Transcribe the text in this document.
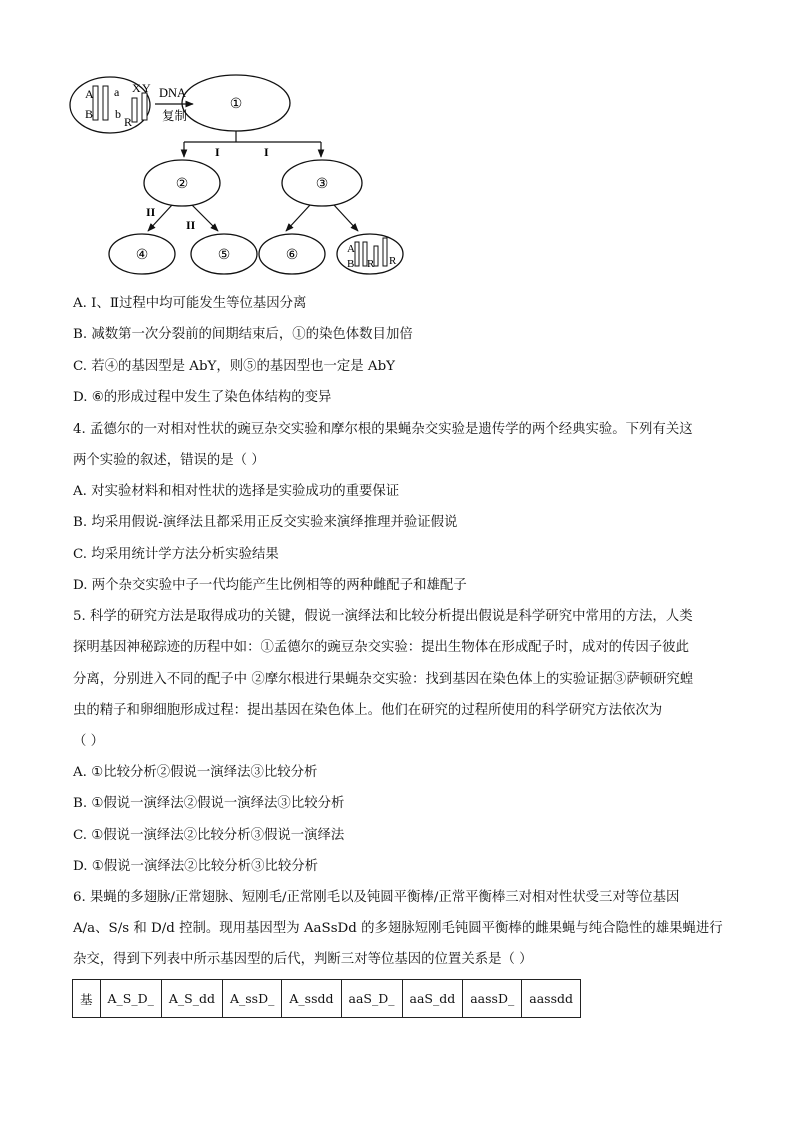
A
B
a
b
X Y
R
DNA
复制
①
I	I
②	③
II
II
④	⑤	⑥	A
B R R
A. I、Ⅱ过程中均可能发生等位基因分离
B. 减数第一次分裂前的间期结束后，①的染色体数目加倍
C. 若④的基因型是 AbY，则⑤的基因型也一定是 AbY
D. ⑥的形成过程中发生了染色体结构的变异
4. 孟德尔的一对相对性状的豌豆杂交实验和摩尔根的果蝇杂交实验是遗传学的两个经典实验。下列有关这
两个实验的叙述，错误的是（ ）
A. 对实验材料和相对性状的选择是实验成功的重要保证
B. 均采用假说-演绎法且都采用正反交实验来演绎推理并验证假说
C. 均采用统计学方法分析实验结果
D. 两个杂交实验中子一代均能产生比例相等的两种雌配子和雄配子
5. 科学的研究方法是取得成功的关键，假说一演绎法和比较分析提出假说是科学研究中常用的方法，人类
探明基因神秘踪迹的历程中如：①孟德尔的豌豆杂交实验：提出生物体在形成配子时，成对的传因子彼此
分离，分别进入不同的配子中 ②摩尔根进行果蝇杂交实验：找到基因在染色体上的实验证据③萨顿研究蝗
虫的精子和卵细胞形成过程：提出基因在染色体上。他们在研究的过程所使用的科学研究方法依次为
（ ）
A. ①比较分析②假说一演绎法③比较分析
B. ①假说一演绎法②假说一演绎法③比较分析
C. ①假说一演绎法②比较分析③假说一演绎法
D. ①假说一演绎法②比较分析③比较分析
6. 果蝇的多翅脉/正常翅脉、短刚毛/正常刚毛以及钝圆平衡棒/正常平衡棒三对相对性状受三对等位基因
A/a、S/s 和 D/d 控制。现用基因型为 AaSsDd 的多翅脉短刚毛钝圆平衡棒的雌果蝇与纯合隐性的雄果蝇进行
杂交，得到下列表中所示基因型的后代，判断三对等位基因的位置关系是（ ）
基	A_S_D_	A_S_dd	A_ssD_	A_ssdd	aaS_D_	aaS_dd	aassD_	aassdd
